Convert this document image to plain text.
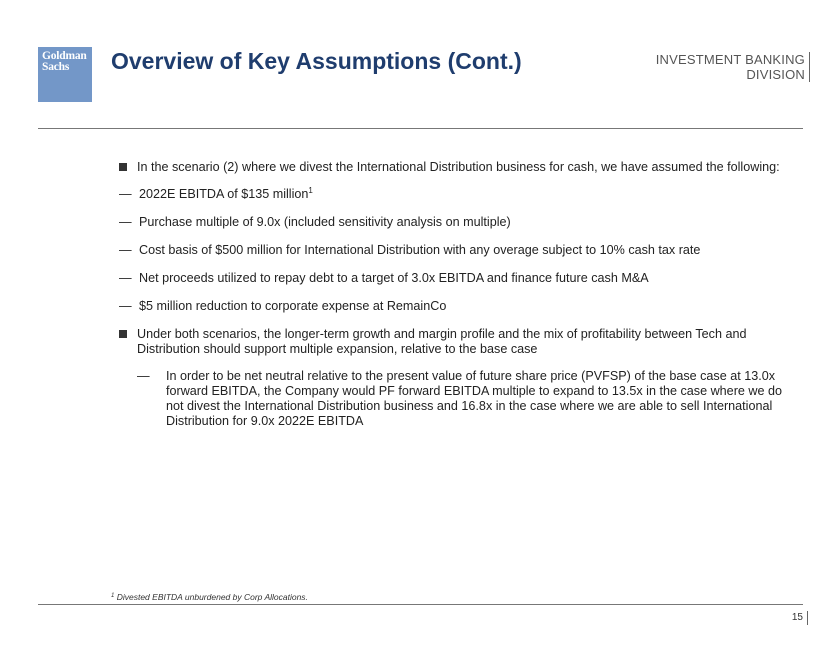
Goldman
Sachs	Overview of Key Assumptions (Cont.)	INVESTMENT BANKING
DIVISION
In the scenario (2) where we divest the International Distribution business for cash, we have assumed the following:
— 2022E EBITDA of $135 million$^1$
— Purchase multiple of 9.0x (included sensitivity analysis on multiple)
— Cost basis of $500 million for International Distribution with any overage subject to 10% cash tax rate
— Net proceeds utilized to repay debt to a target of 3.0x EBITDA and finance future cash M&A
— $5 million reduction to corporate expense at RemainCo
Under both scenarios, the longer-term growth and margin profile and the mix of profitability between Tech and Distribution should support multiple expansion, relative to the base case
— In order to be net neutral relative to the present value of future share price (PVFSP) of the base case at 13.0x forward EBITDA, the Company would PF forward EBITDA multiple to expand to 13.5x in the case where we do not divest the International Distribution business and 16.8x in the case where we are able to sell International Distribution for 9.0x 2022E EBITDA
$^1$ Divested EBITDA unburdened by Corp Allocations.
15
